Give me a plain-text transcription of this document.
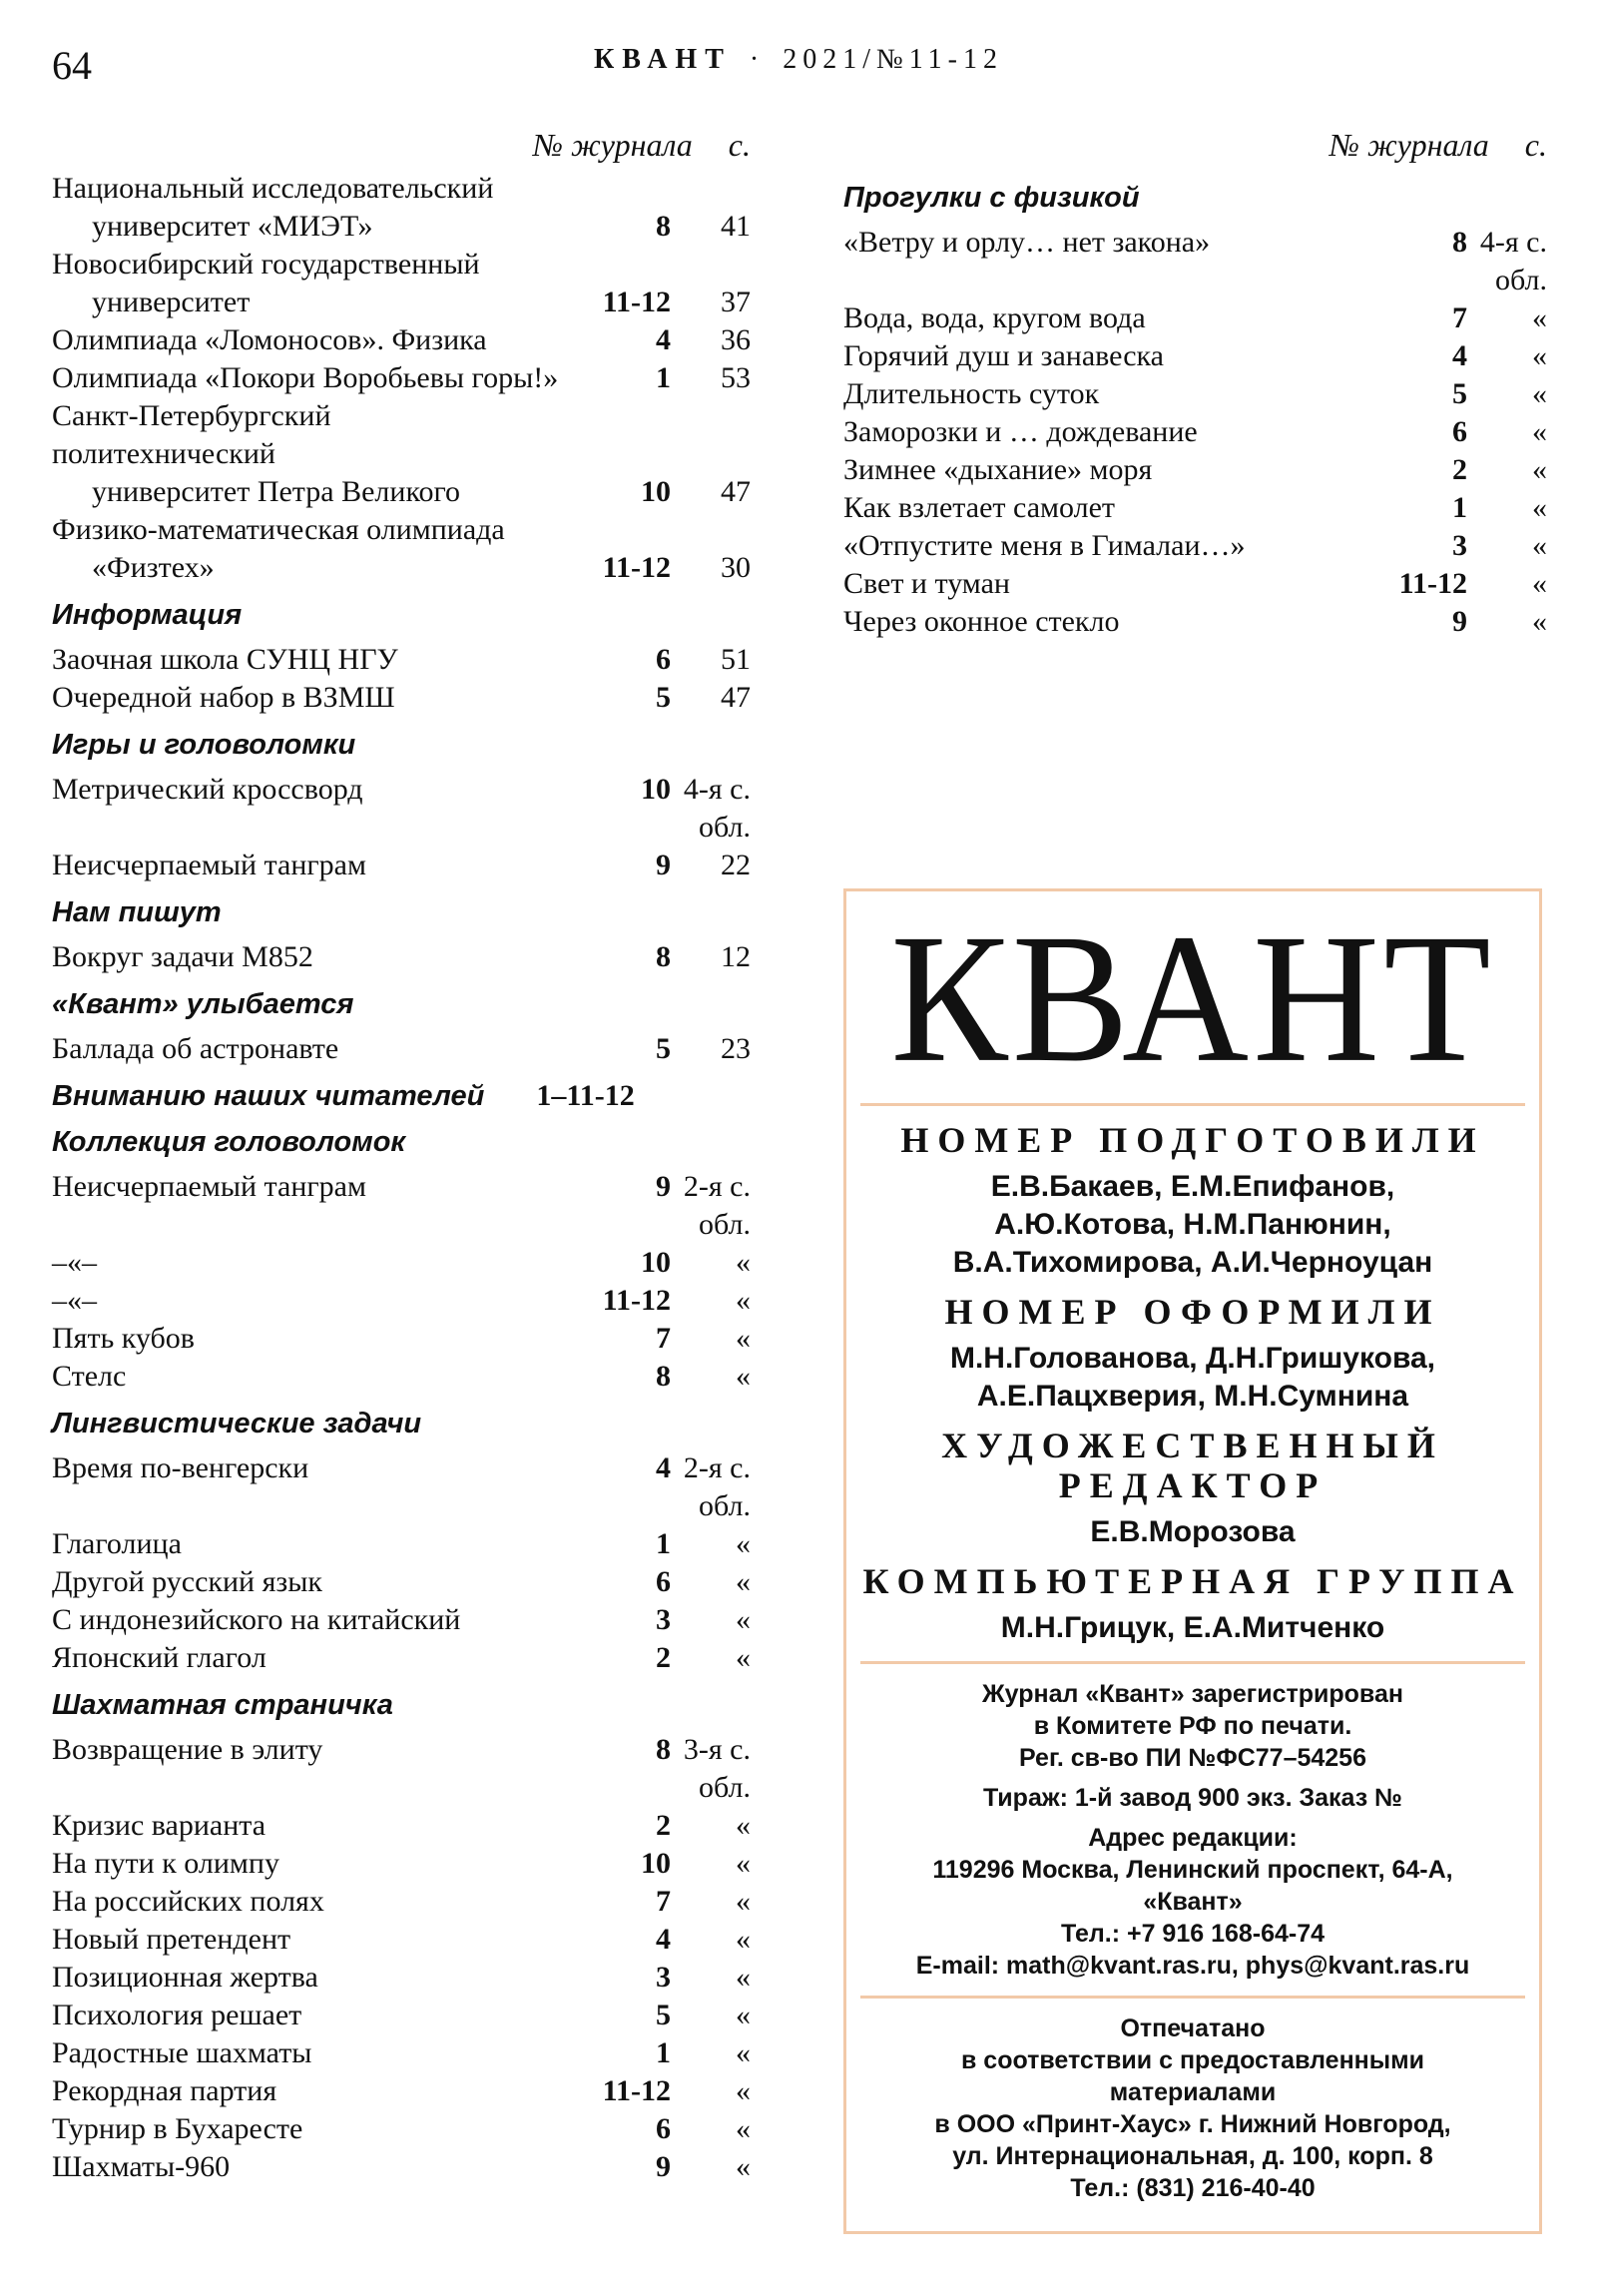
64	КВАНТ · 2021/№11-12
№ журнала с.
Национальный исследовательский
университет «МИЭТ»	8	41
Новосибирский государственный
университет	11-12	37
Олимпиада «Ломоносов». Физика	4	36
Олимпиада «Покори Воробьевы горы!»	1	53
Санкт-Петербургский политехнический
университет Петра Великого	10	47
Физико-математическая олимпиада
«Физтех»	11-12	30
Информация
Заочная школа СУНЦ НГУ	6	51
Очередной набор в ВЗМШ	5	47
Игры и головоломки
Метрический кроссворд	10 4-я с.
обл.
Неисчерпаемый танграм	9	22
Нам пишут
Вокруг задачи М852	8	12
«Квант» улыбается
Баллада об астронавте	5	23
Вниманию наших читателей 1–11-12
Коллекция головоломок
Неисчерпаемый танграм	9 2-я с.
обл.
–«–	10	«
–«–	11-12	«
Пять кубов	7	«
Стелс	8	«
Лингвистические задачи
Время по-венгерски	4 2-я с.
обл.
Глаголица	1	«
Другой русский язык	6	«
С индонезийского на китайский	3	«
Японский глагол	2	«
Шахматная страничка
Возвращение в элиту	8 3-я с.
обл.
Кризис варианта	2	«
На пути к олимпу	10	«
На российских полях	7	«
Новый претендент	4	«
Позиционная жертва	3	«
Психология решает	5	«
Радостные шахматы	1	«
Рекордная партия	11-12	«
Турнир в Бухаресте	6	«
Шахматы-960	9	«
№ журнала с.
Прогулки с физикой
«Ветру и орлу… нет закона»	8 4-я с.
обл.
Вода, вода, кругом вода	7	«
Горячий душ и занавеска	4	«
Длительность суток	5	«
Заморозки и … дождевание	6	«
Зимнее «дыхание» моря	2	«
Как взлетает самолет	1	«
«Отпустите меня в Гималаи…»	3	«
Свет и туман	11-12	«
Через оконное стекло	9	«
КВАНТ
НОМЕР ПОДГОТОВИЛИ
Е.В.Бакаев, Е.М.Епифанов,
А.Ю.Котова, Н.М.Панюнин,
В.А.Тихомирова, А.И.Черноуцан
НОМЕР ОФОРМИЛИ
М.Н.Голованова, Д.Н.Гришукова,
А.Е.Пацхверия, М.Н.Сумнина
ХУДОЖЕСТВЕННЫЙ
РЕДАКТОР
Е.В.Морозова
КОМПЬЮТЕРНАЯ ГРУППА
М.Н.Грицук, Е.А.Митченко
Журнал «Квант» зарегистрирован
в Комитете РФ по печати.
Рег. св-во ПИ №ФС77–54256
Тираж: 1-й завод 900 экз. Заказ №
Адрес редакции:
119296 Москва, Ленинский проспект, 64-А,
«Квант»
Тел.: +7 916 168-64-74
E-mail: math@kvant.ras.ru, phys@kvant.ras.ru
Отпечатано
в соответствии с предоставленными
материалами
в ООО «Принт-Хаус» г. Нижний Новгород,
ул. Интернациональная, д. 100, корп. 8
Тел.: (831) 216-40-40
